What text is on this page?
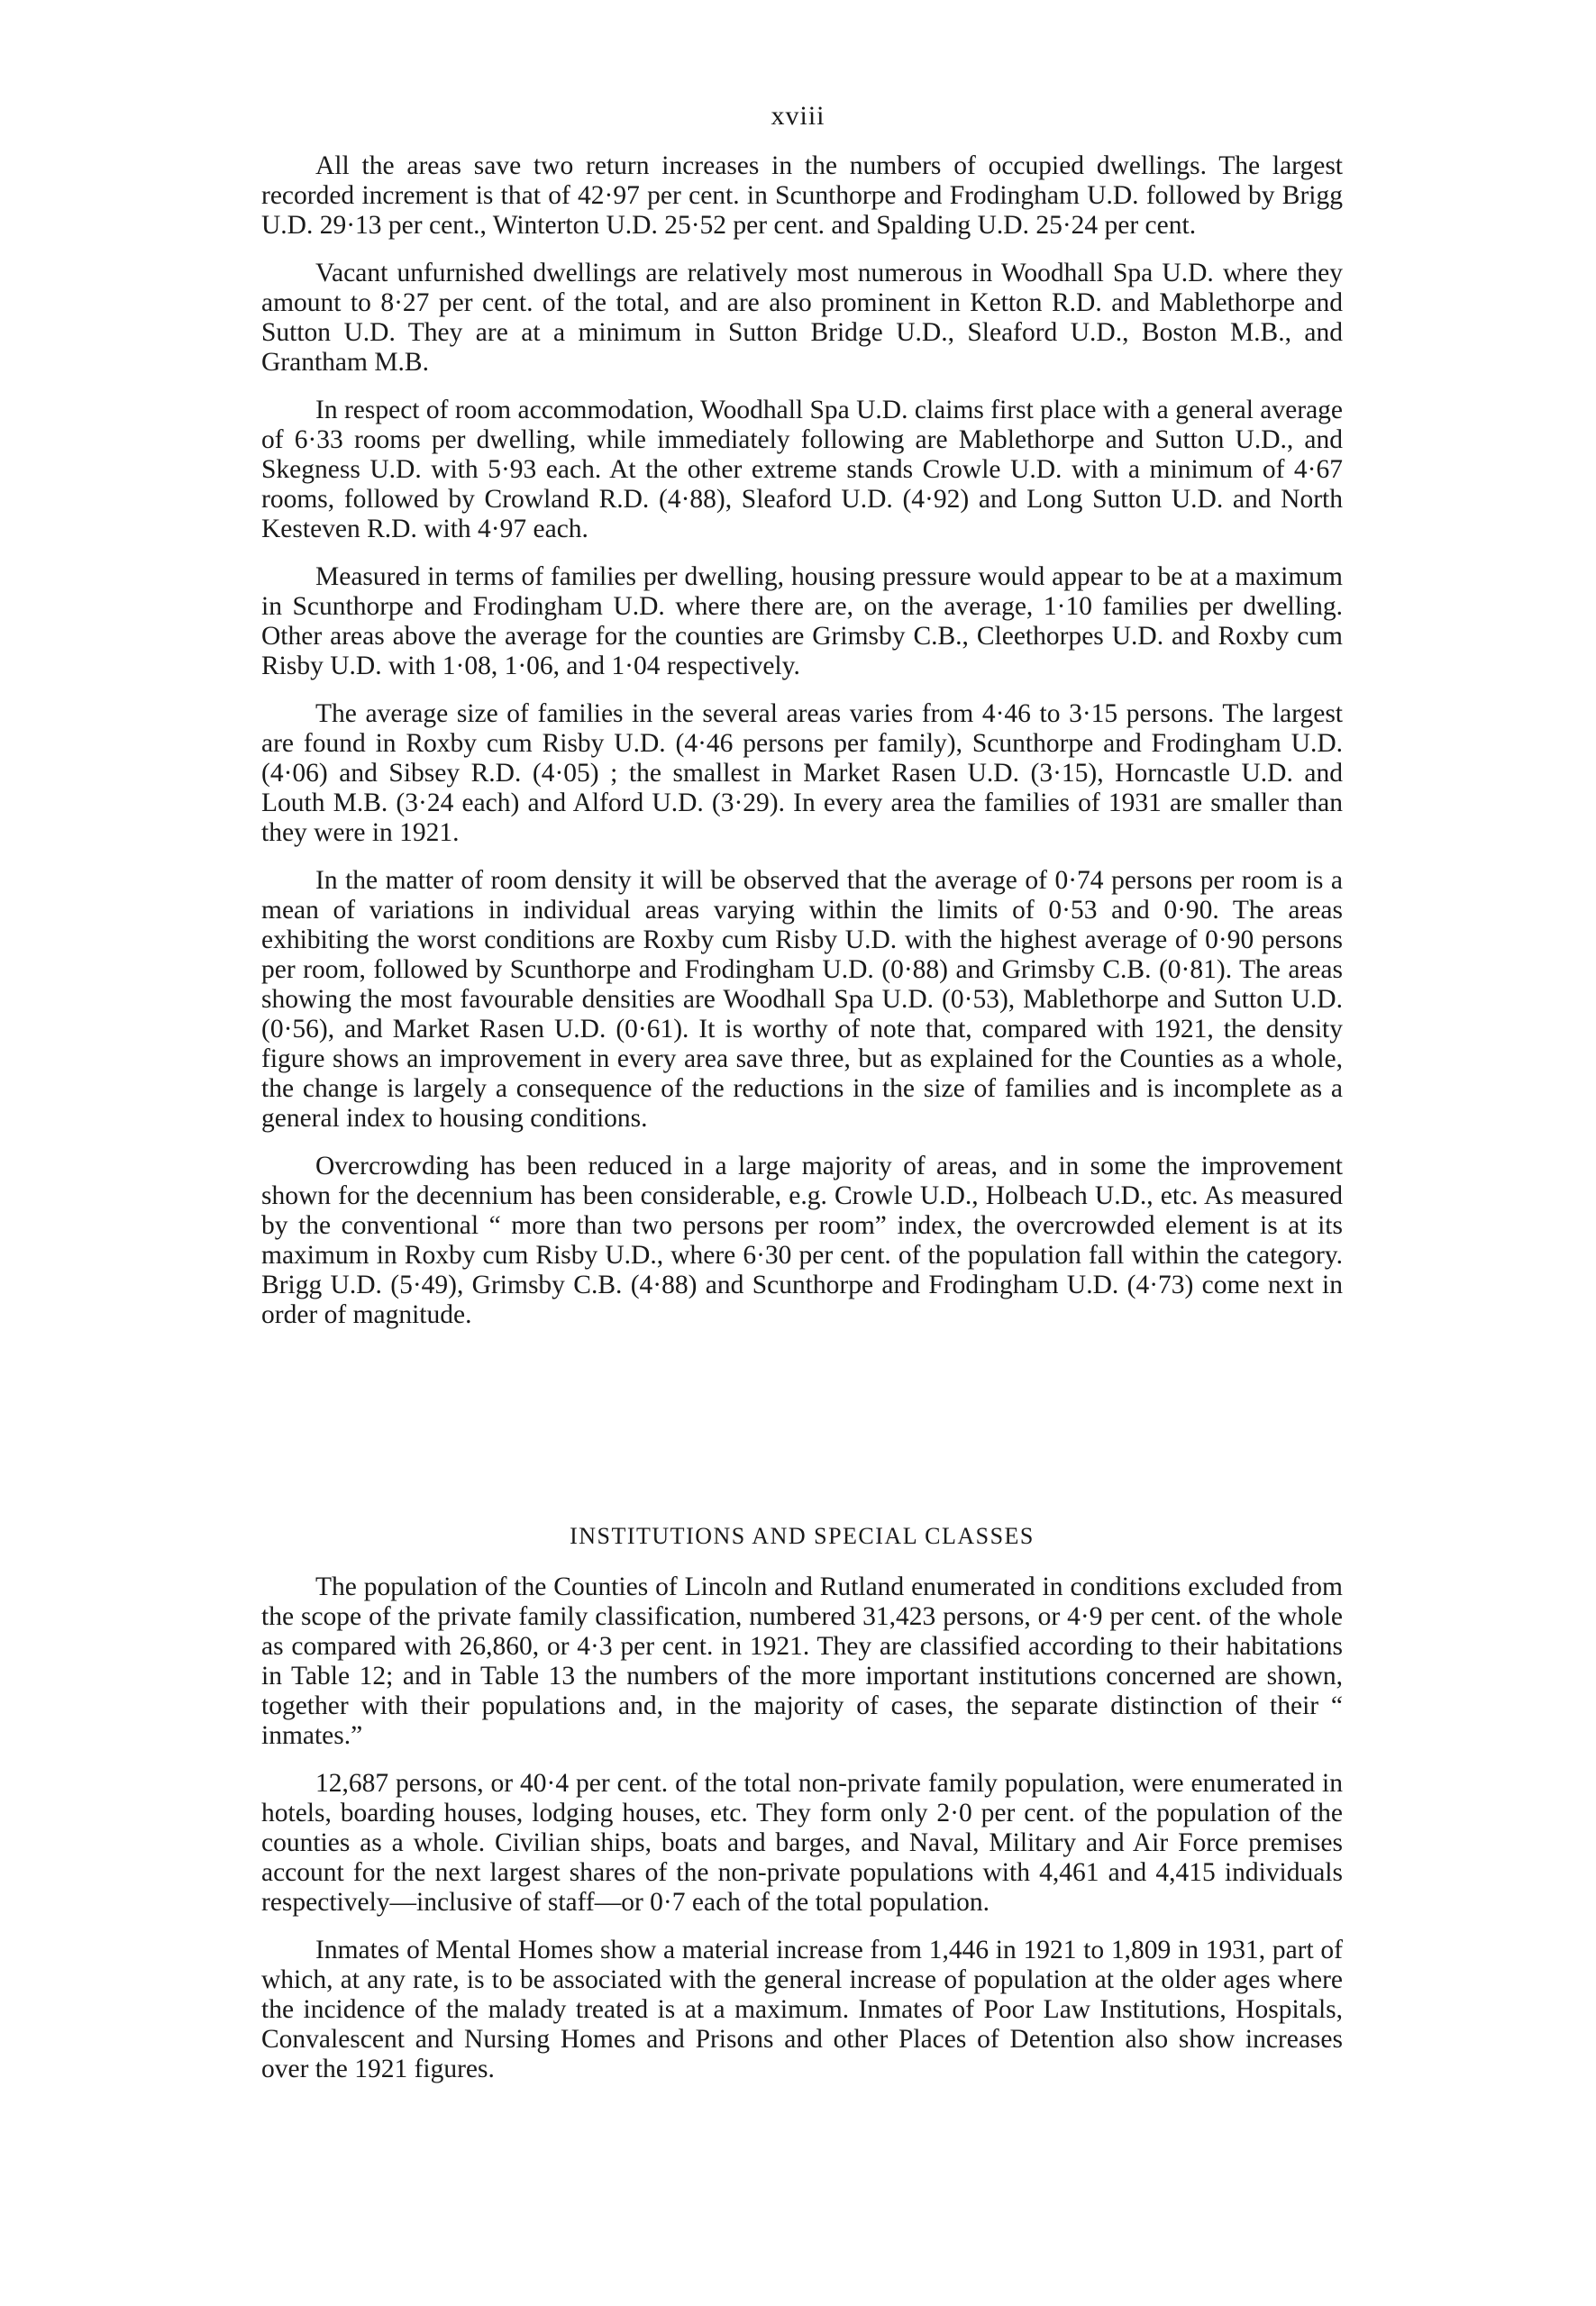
xviii

All the areas save two return increases in the numbers of occupied dwellings. The largest recorded increment is that of 42·97 per cent. in Scunthorpe and Frodingham U.D. followed by Brigg U.D. 29·13 per cent., Winterton U.D. 25·52 per cent. and Spalding U.D. 25·24 per cent.

Vacant unfurnished dwellings are relatively most numerous in Woodhall Spa U.D. where they amount to 8·27 per cent. of the total, and are also prominent in Ketton R.D. and Mablethorpe and Sutton U.D. They are at a minimum in Sutton Bridge U.D., Sleaford U.D., Boston M.B., and Grantham M.B.

In respect of room accommodation, Woodhall Spa U.D. claims first place with a general average of 6·33 rooms per dwelling, while immediately following are Mablethorpe and Sutton U.D., and Skegness U.D. with 5·93 each. At the other extreme stands Crowle U.D. with a minimum of 4·67 rooms, followed by Crowland R.D. (4·88), Sleaford U.D. (4·92) and Long Sutton U.D. and North Kesteven R.D. with 4·97 each.

Measured in terms of families per dwelling, housing pressure would appear to be at a maximum in Scunthorpe and Frodingham U.D. where there are, on the average, 1·10 families per dwelling. Other areas above the average for the counties are Grimsby C.B., Cleethorpes U.D. and Roxby cum Risby U.D. with 1·08, 1·06, and 1·04 respectively.

The average size of families in the several areas varies from 4·46 to 3·15 persons. The largest are found in Roxby cum Risby U.D. (4·46 persons per family), Scunthorpe and Frodingham U.D. (4·06) and Sibsey R.D. (4·05) ; the smallest in Market Rasen U.D. (3·15), Horncastle U.D. and Louth M.B. (3·24 each) and Alford U.D. (3·29). In every area the families of 1931 are smaller than they were in 1921.

In the matter of room density it will be observed that the average of 0·74 persons per room is a mean of variations in individual areas varying within the limits of 0·53 and 0·90. The areas exhibiting the worst conditions are Roxby cum Risby U.D. with the highest average of 0·90 persons per room, followed by Scunthorpe and Frodingham U.D. (0·88) and Grimsby C.B. (0·81). The areas showing the most favourable densities are Woodhall Spa U.D. (0·53), Mablethorpe and Sutton U.D. (0·56), and Market Rasen U.D. (0·61). It is worthy of note that, compared with 1921, the density figure shows an improvement in every area save three, but as explained for the Counties as a whole, the change is largely a consequence of the reductions in the size of families and is incomplete as a general index to housing conditions.

Overcrowding has been reduced in a large majority of areas, and in some the improvement shown for the decennium has been considerable, e.g. Crowle U.D., Holbeach U.D., etc. As measured by the conventional “ more than two persons per room” index, the overcrowded element is at its maximum in Roxby cum Risby U.D., where 6·30 per cent. of the population fall within the category. Brigg U.D. (5·49), Grimsby C.B. (4·88) and Scunthorpe and Frodingham U.D. (4·73) come next in order of magnitude.

INSTITUTIONS AND SPECIAL CLASSES

The population of the Counties of Lincoln and Rutland enumerated in conditions excluded from the scope of the private family classification, numbered 31,423 persons, or 4·9 per cent. of the whole as compared with 26,860, or 4·3 per cent. in 1921. They are classified according to their habitations in Table 12; and in Table 13 the numbers of the more important institutions concerned are shown, together with their populations and, in the majority of cases, the separate distinction of their “ inmates.”

12,687 persons, or 40·4 per cent. of the total non-private family population, were enumerated in hotels, boarding houses, lodging houses, etc. They form only 2·0 per cent. of the population of the counties as a whole. Civilian ships, boats and barges, and Naval, Military and Air Force premises account for the next largest shares of the non-private populations with 4,461 and 4,415 individuals respectively—inclusive of staff—or 0·7 each of the total population.

Inmates of Mental Homes show a material increase from 1,446 in 1921 to 1,809 in 1931, part of which, at any rate, is to be associated with the general increase of population at the older ages where the incidence of the malady treated is at a maximum. Inmates of Poor Law Institutions, Hospitals, Convalescent and Nursing Homes and Prisons and other Places of Detention also show increases over the 1921 figures.
